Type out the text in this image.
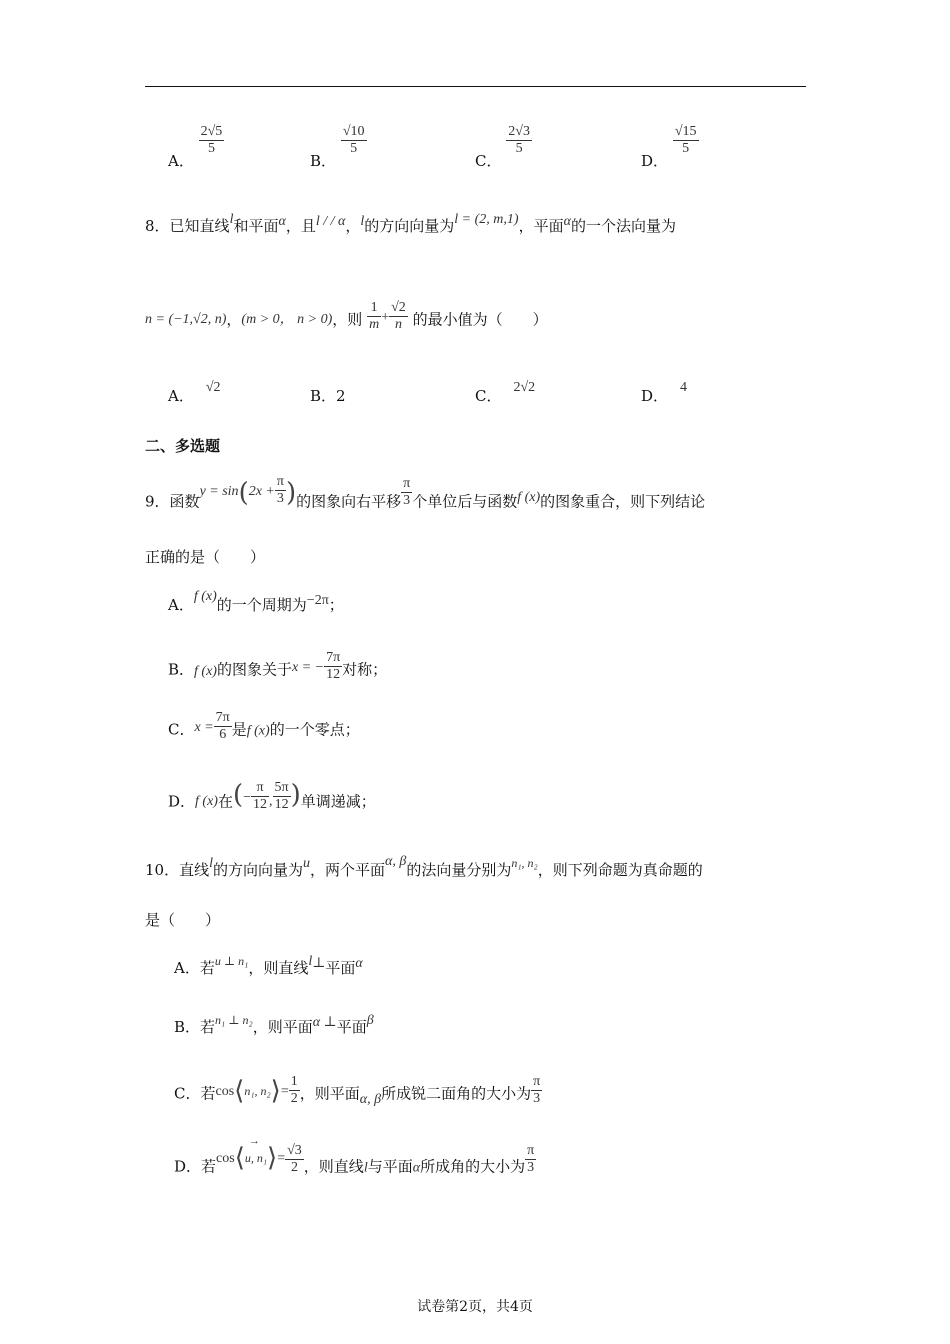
A．
$\frac{2√5}{5}$
B．
$\frac{√10}{5}$
C．
$\frac{2√3}{5}$
D．
$\frac{√15}{5}$
8．已知直线l和平面α，且l / / α，l的方向向量为l = (2, m,1)，平面α的一个法向量为
n = (−1,√2, n)，(m > 0， n > 0)，则 $\frac{1}{m} + \frac{√2}{n}$ 的最小值为（　　）
A． √2	B．2	C． 2√2	D． 4
二、多选题
9．函数$y = \sin(2x + \frac{\pi}{3}$ )的图象向右平移 $\frac{\pi}{3}$ 个单位后与函数f (x)的图象重合，则下列结论
正确的是（　　）
A．f (x)的一个周期为−2π；
B．f (x)的图象关于x = − $\frac{7\pi}{12}$ 对称；
C．$x = \frac{7\pi}{6}$ 是f (x)的一个零点；
D．f (x)在(− $\frac{\pi}{12}$ , $\frac{5\pi}{12}$ )单调递减；
10．直线l的方向向量为u，两个平面α, β的法向量分别为$^{n_1, n_2}$，则下列命题为真命题的
是（　　）
A．若$^{u \perp n_1}$，则直线l⊥平面α
B．若$^{n_1 \perp n_2}$，则平面α ⊥平面β
C．若cos⟨$^{n_1, n_2}$⟩= $\frac{1}{2}$ ，则平面α, β所成锐二面角的大小为 $\frac{\pi}{3}$
D．若cos⟨
→
u, n₁⟩= $\frac{√3}{2}$ ，则直线l与平面α所成角的大小为 $\frac{\pi}{3}$
试卷第2页，共4页
